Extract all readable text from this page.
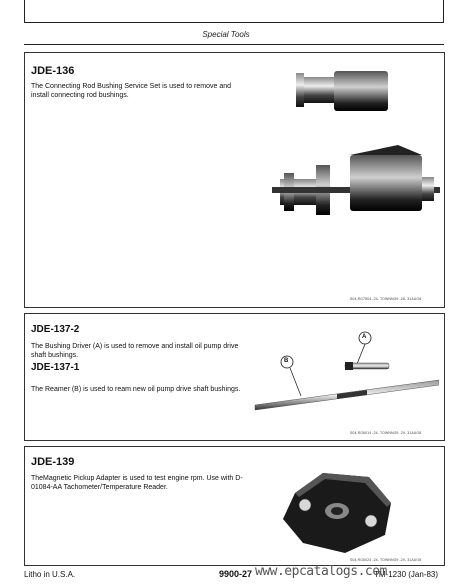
Special Tools
JDE-136
The Connecting Rod Bushing Service Set is used to remove and install connecting rod bushings.
S04,RG7804 -24- TOWNNG9 -28- 31AUG8
JDE-137-2
The Bushing Driver (A) is used to remove and install oil pump drive shaft bushings.
JDE-137-1
The Reamer (B) is used to ream new oil pump drive shaft bushings.
A
B
S04,RG6014 -24- TOWNNG9 -29- 31AUG8
JDE-139
TheMagnetic Pickup Adapter is used to test engine rpm. Use with D-01084-AA Tachometer/Temperature Reader.
S04,RG6024 -24- TOWNNG9 -29- 31AUG8
Litho in U.S.A.	9900-27	TM-1230 (Jan-83)
www.epcatalogs.com
